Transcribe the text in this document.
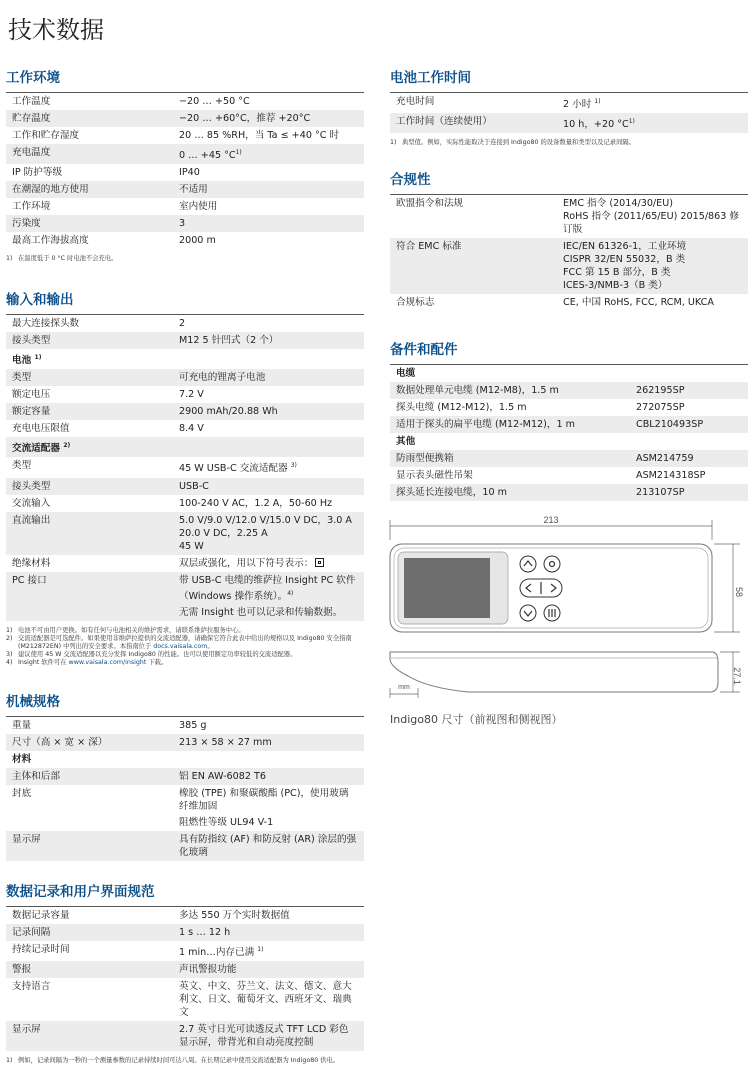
技术数据
工作环境
工作温度	−20 … +50 °C
贮存温度	−20 … +60°C，推荐 +20°C
工作和贮存湿度	20 … 85 %RH，当 Ta ≤ +40 °C 时
充电温度	0 … +45 $^\circ C^{1)}$
IP 防护等级	IP40
在潮湿的地方使用	不适用
工作环境	室内使用
污染度	3
最高工作海拔高度	2000 m
1) 在温度低于 0 °C 时电池不会充电。
输入和输出
最大连接探头数	2
接头类型	M12 5 针凹式（2 个）
电池 $^{1)}$
类型	可充电的锂离子电池
额定电压	7.2 V
额定容量	2900 mAh/20.88 Wh
充电电压限值	8.4 V
交流适配器 $^{2)}$
类型	45 W USB-C 交流适配器 $^{3)}$
接头类型	USB-C
交流输入	100-240 V AC，1.2 A，50-60 Hz
直流输出	5.0 V/9.0 V/12.0 V/15.0 V DC，3.0 A
20.0 V DC，2.25 A
45 W

绝缘材料	双层或强化，用以下符号表示：
PC 接口	带 USB-C 电缆的维萨拉 Insight PC 软件（Windows 操作系统）。$^{4)}$
无需 Insight 也可以记录和传输数据。
1) 电池不可由用户更换。如有任何与电池相关的维护需求，请联系维萨拉服务中心。
2) 交流适配器是可选配件。如果使用非维萨拉提供的交流适配器，请确保它符合此表中给出的规格以及 Indigo80 安全指南 (M212872EN) 中列出的安全要求。本指南位于 docs.vaisala.com。
3) 建议使用 45 W 交流适配器以充分发挥 Indigo80 的性能。也可以使用额定功率较低的交流适配器。
4) Insight 软件可在 www.vaisala.com/insight 下载。
机械规格
重量	385 g
尺寸（高 × 宽 × 深）	213 × 58 × 27 mm
材料	
主体和后部	铝 EN AW-6082 T6
封底	橡胶 (TPE) 和聚碳酸酯 (PC)，使用玻璃纤维加固
阻燃性等级 UL94 V-1

显示屏	具有防指纹 (AF) 和防反射 (AR) 涂层的强化玻璃
数据记录和用户界面规范
数据记录容量	多达 550 万个实时数据值
记录间隔	1 s … 12 h
持续记录时间	1 min…内存已满 $^{1)}$
警报	声讯警报功能
支持语言	英文、中文、芬兰文、法文、德文、意大利文、日文、葡萄牙文、西班牙文、瑞典文
显示屏	2.7 英寸日光可读透反式 TFT LCD 彩色显示屏，带背光和自动亮度控制
1) 例如，记录间隔为一秒的一个测量参数的记录持续时间可达八周。在长期记录中使用交流适配器为 Indigo80 供电。
电池工作时间
充电时间	2 小时 $^{1)}$
工作时间（连续使用）	10 h，+20 $^\circ C^{1)}$
1) 典型值。例如，实际性能取决于连接到 Indigo80 的设备数量和类型以及记录间隔。
合规性
欧盟指令和法规	EMC 指令 (2014/30/EU)
RoHS 指令 (2011/65/EU) 2015/863 修订版

符合 EMC 标准	IEC/EN 61326-1，工业环境
CISPR 32/EN 55032，B 类
FCC 第 15 B 部分，B 类
ICES-3/NMB-3（B 类）

合规标志	CE, 中国 RoHS, FCC, RCM, UKCA
备件和配件
电缆	
数据处理单元电缆 (M12-M8)，1.5 m	262195SP
探头电缆 (M12-M12)，1.5 m	272075SP
适用于探头的扁平电缆 (M12-M12)，1 m	CBL210493SP
其他	
防雨型便携箱	ASM214759
显示表头磁性吊架	ASM214318SP
探头延长连接电缆，10 m	213107SP
213
58
27.1
mm
Indigo80 尺寸（前视图和侧视图）
